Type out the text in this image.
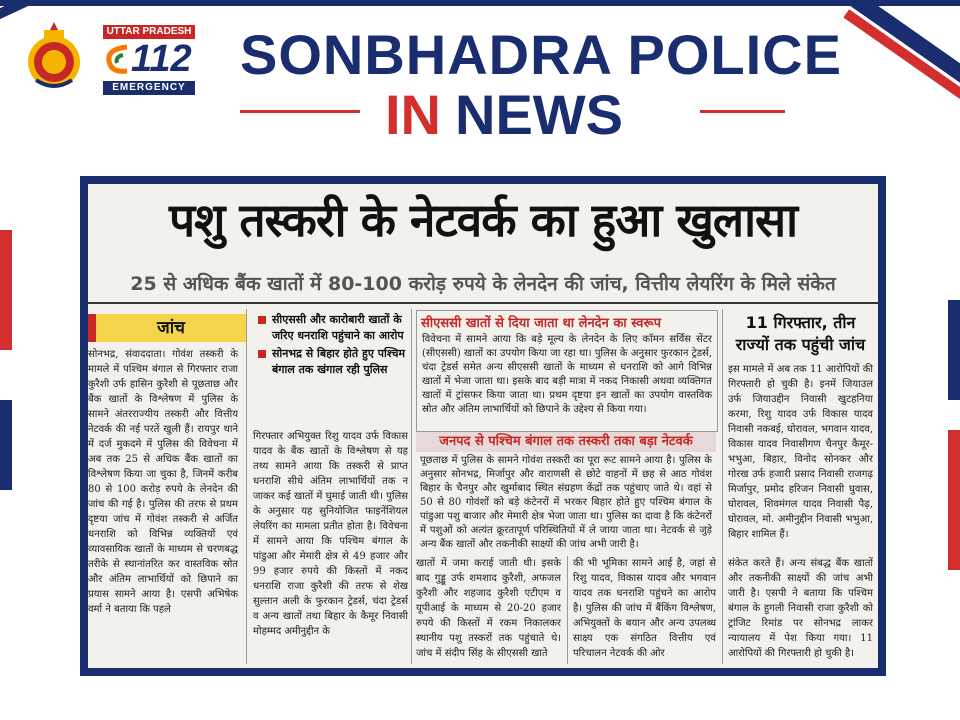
UTTAR PRADESH
112
EMERGENCY
SONBHADRA POLICE
IN NEWS
पशु तस्करी के नेटवर्क का हुआ खुलासा
25 से अधिक बैंक खातों में 80-100 करोड़ रुपये के लेनदेन की जांच, वित्तीय लेयरिंग के मिले संकेत
जांच

सोनभद्र, संवाददाता। गोवंश तस्करी के मामले में पश्चिम बंगाल से गिरफ्तार राजा कुरैशी उर्फ हासिन कुरैशी से पूछताछ और बैंक खातों के विश्लेषण में पुलिस के सामने अंतरराज्यीय तस्करी और वित्तीय नेटवर्क की नई परतें खुली हैं। रायपुर थाने में दर्ज मुकदमे में पुलिस की विवेचना में अब तक 25 से अधिक बैंक खातों का विश्लेषण किया जा चुका है, जिनमें करीब 80 से 100 करोड़ रुपये के लेनदेन की जांच की गई है। पुलिस की तरफ से प्रथम दृष्टया जांच में गोवंश तस्करी से अर्जित धनराशि को विभिन्न व्यक्तियों एवं व्यावसायिक खातों के माध्यम से चरणबद्ध तरीके से स्थानांतरित कर वास्तविक स्रोत और अंतिम लाभार्थियों को छिपाने का प्रयास सामने आया है। एसपी अभिषेक वर्मा ने बताया कि पहले

सीएससी और कारोबारी खातों के जरिए धनराशि पहुंचाने का आरोप
सोनभद्र से बिहार होते हुए पश्चिम बंगाल तक खंगाल रही पुलिस

गिरफ्तार अभियुक्त रिशु यादव उर्फ विकास यादव के बैंक खातों के विश्लेषण से यह तथ्य सामने आया कि तस्करी से प्राप्त धनराशि सीधे अंतिम लाभार्थियों तक न जाकर कई खातों में घुमाई जाती थी। पुलिस के अनुसार यह सुनियोजित फाइनेंशियल लेयरिंग का मामला प्रतीत होता है। विवेचना में सामने आया कि पश्चिम बंगाल के पांडुआ और मेमारी क्षेत्र से 49 हजार और 99 हजार रुपये की किस्तों में नकद धनराशि राजा कुरैशी की तरफ से शेख सुल्तान अली के फुरकान ट्रेडर्स, चंदा ट्रेडर्स व अन्य खातों तथा बिहार के कैमूर निवासी मोहम्मद अमीनुद्दीन के

सीएससी खातों से दिया जाता था लेनदेन का स्वरूप
विवेचना में सामने आया कि बड़े मूल्य के लेनदेन के लिए कॉमन सर्विस सेंटर (सीएससी) खातों का उपयोग किया जा रहा था। पुलिस के अनुसार फुरकान ट्रेडर्स, चंदा ट्रेडर्स समेत अन्य सीएससी खातों के माध्यम से धनराशि को आगे विभिन्न खातों में भेजा जाता था। इसके बाद बड़ी मात्रा में नकद निकासी अथवा व्यक्तिगत खातों में ट्रांसफर किया जाता था। प्रथम दृष्टया इन खातों का उपयोग वास्तविक स्रोत और अंतिम लाभार्थियों को छिपाने के उद्देश्य से किया गया।
जनपद से पश्चिम बंगाल तक तस्करी तका बड़ा नेटवर्क
पूछताछ में पुलिस के सामने गोवंश तस्करी का पूरा रूट सामने आया है। पुलिस के अनुसार सोनभद्र, मिर्जापुर और वाराणसी से छोटे वाहनों में छह से आठ गोवंश बिहार के चैनपुर और खुर्माबाद स्थित संग्रहण केंद्रों तक पहुंचाए जाते थे। वहां से 50 से 80 गोवंशों को बड़े कंटेनरों में भरकर बिहार होते हुए पश्चिम बंगाल के पांडुआ पशु बाजार और मेमारी क्षेत्र भेजा जाता था। पुलिस का दावा है कि कंटेनरों में पशुओं को अत्यंत क्रूरतापूर्ण परिस्थितियों में ले जाया जाता था। नेटवर्क से जुड़े अन्य बैंक खातों और तकनीकी साक्ष्यों की जांच अभी जारी है।

खातों में जमा कराई जाती थी। इसके बाद गुड्डू उर्फ शमशाद कुरैशी, अफजल कुरैशी और शहजाद कुरैशी एटीएम व यूपीआई के माध्यम से 20-20 हजार रुपये की किस्तों में रकम निकालकर स्थानीय पशु तस्करों तक पहुंचाते थे। जांच में संदीप सिंह के सीएससी खाते

की भी भूमिका सामने आई है, जहां से रिशु यादव, विकास यादव और भगवान यादव तक धनराशि पहुंचने का आरोप है। पुलिस की जांच में बैंकिंग विश्लेषण, अभियुक्तों के बयान और अन्य उपलब्ध साक्ष्य एक संगठित वित्तीय एवं परिचालन नेटवर्क की ओर

11 गिरफ्तार, तीन राज्यों तक पहुंची जांच

इस मामले में अब तक 11 आरोपियों की गिरफ्तारी हो चुकी है। इनमें जियाउल उर्फ जियाउद्दीन निवासी खुटहनिया करमा, रिशु यादव उर्फ विकास यादव निवासी नकबई, घोरावल, भगवान यादव, विकास यादव निवासीगण चैनपुर कैमूर-भभुआ, बिहार, विनोद सोनकर और गोरख उर्फ हजारी प्रसाद निवासी राजगढ़ मिर्जापुर, प्रमोद हरिजन निवासी घुवास, घोरावल, शिवमंगल यादव निवासी पैढ़, घोरावल, मो. अमीनुद्दीन निवासी भभुआ, बिहार शामिल हैं।

संकेत करते हैं। अन्य संबद्ध बैंक खातों और तकनीकी साक्ष्यों की जांच अभी जारी है। एसपी ने बताया कि पश्चिम बंगाल के हुगली निवासी राजा कुरैशी को ट्रांजिट रिमांड पर सोनभद्र लाकर न्यायालय में पेश किया गया। 11 आरोपियों की गिरफ्तारी हो चुकी है।
